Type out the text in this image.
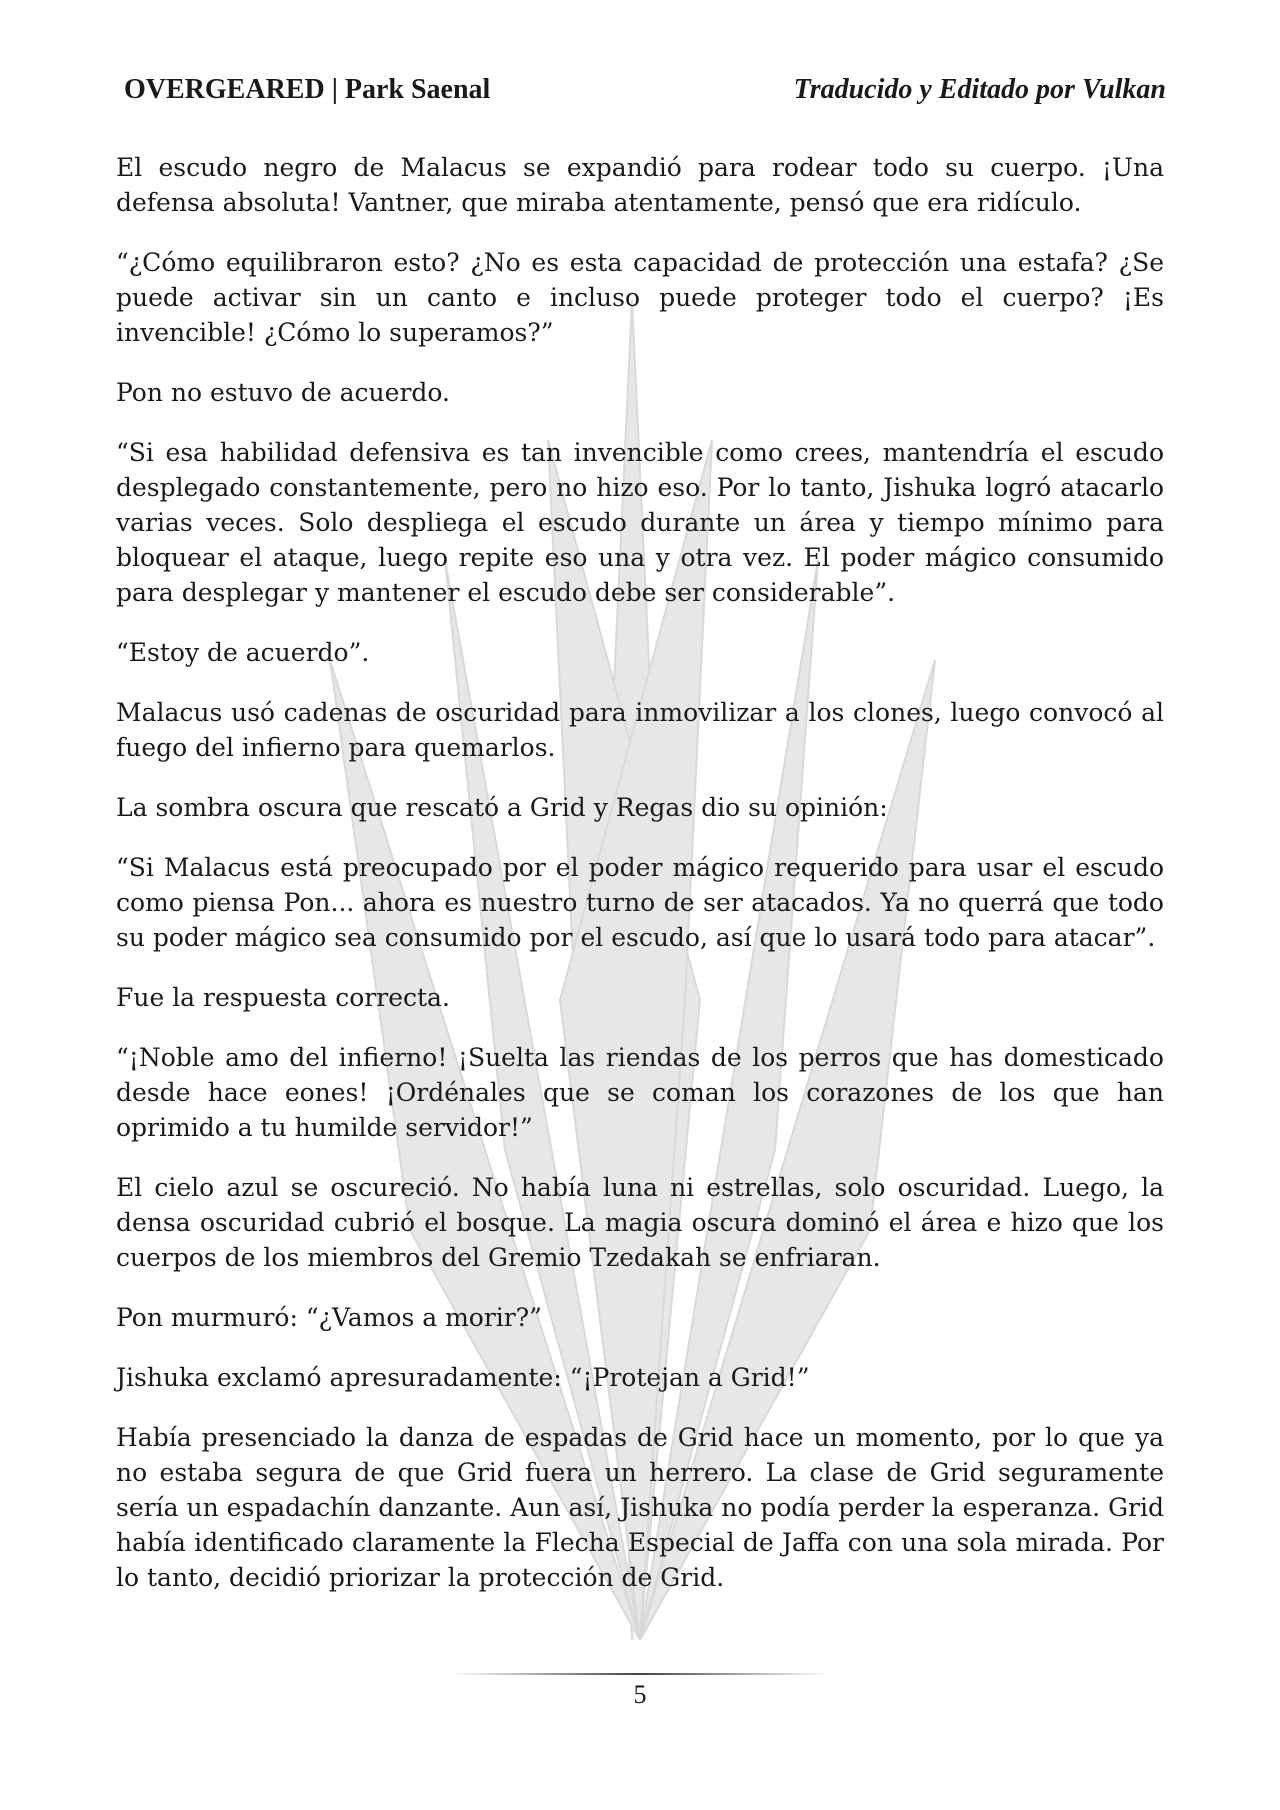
OVERGEARED | Park Saenal	Traducido y Editado por Vulkan

El escudo negro de Malacus se expandió para rodear todo su cuerpo. ¡Una defensa absoluta! Vantner, que miraba atentamente, pensó que era ridículo.

“¿Cómo equilibraron esto? ¿No es esta capacidad de protección una estafa? ¿Se puede activar sin un canto e incluso puede proteger todo el cuerpo? ¡Es invencible! ¿Cómo lo superamos?”

Pon no estuvo de acuerdo.

“Si esa habilidad defensiva es tan invencible como crees, mantendría el escudo desplegado constantemente, pero no hizo eso. Por lo tanto, Jishuka logró atacarlo varias veces. Solo despliega el escudo durante un área y tiempo mínimo para bloquear el ataque, luego repite eso una y otra vez. El poder mágico consumido para desplegar y mantener el escudo debe ser considerable”.

“Estoy de acuerdo”.

Malacus usó cadenas de oscuridad para inmovilizar a los clones, luego convocó al fuego del infierno para quemarlos.

La sombra oscura que rescató a Grid y Regas dio su opinión:

“Si Malacus está preocupado por el poder mágico requerido para usar el escudo como piensa Pon... ahora es nuestro turno de ser atacados. Ya no querrá que todo su poder mágico sea consumido por el escudo, así que lo usará todo para atacar”.

Fue la respuesta correcta.

“¡Noble amo del infierno! ¡Suelta las riendas de los perros que has domesticado desde hace eones! ¡Ordénales que se coman los corazones de los que han oprimido a tu humilde servidor!”

El cielo azul se oscureció. No había luna ni estrellas, solo oscuridad. Luego, la densa oscuridad cubrió el bosque. La magia oscura dominó el área e hizo que los cuerpos de los miembros del Gremio Tzedakah se enfriaran.

Pon murmuró: “¿Vamos a morir?”

Jishuka exclamó apresuradamente: “¡Protejan a Grid!”

Había presenciado la danza de espadas de Grid hace un momento, por lo que ya no estaba segura de que Grid fuera un herrero. La clase de Grid seguramente sería un espadachín danzante. Aun así, Jishuka no podía perder la esperanza. Grid había identificado claramente la Flecha Especial de Jaffa con una sola mirada. Por lo tanto, decidió priorizar la protección de Grid.

5
